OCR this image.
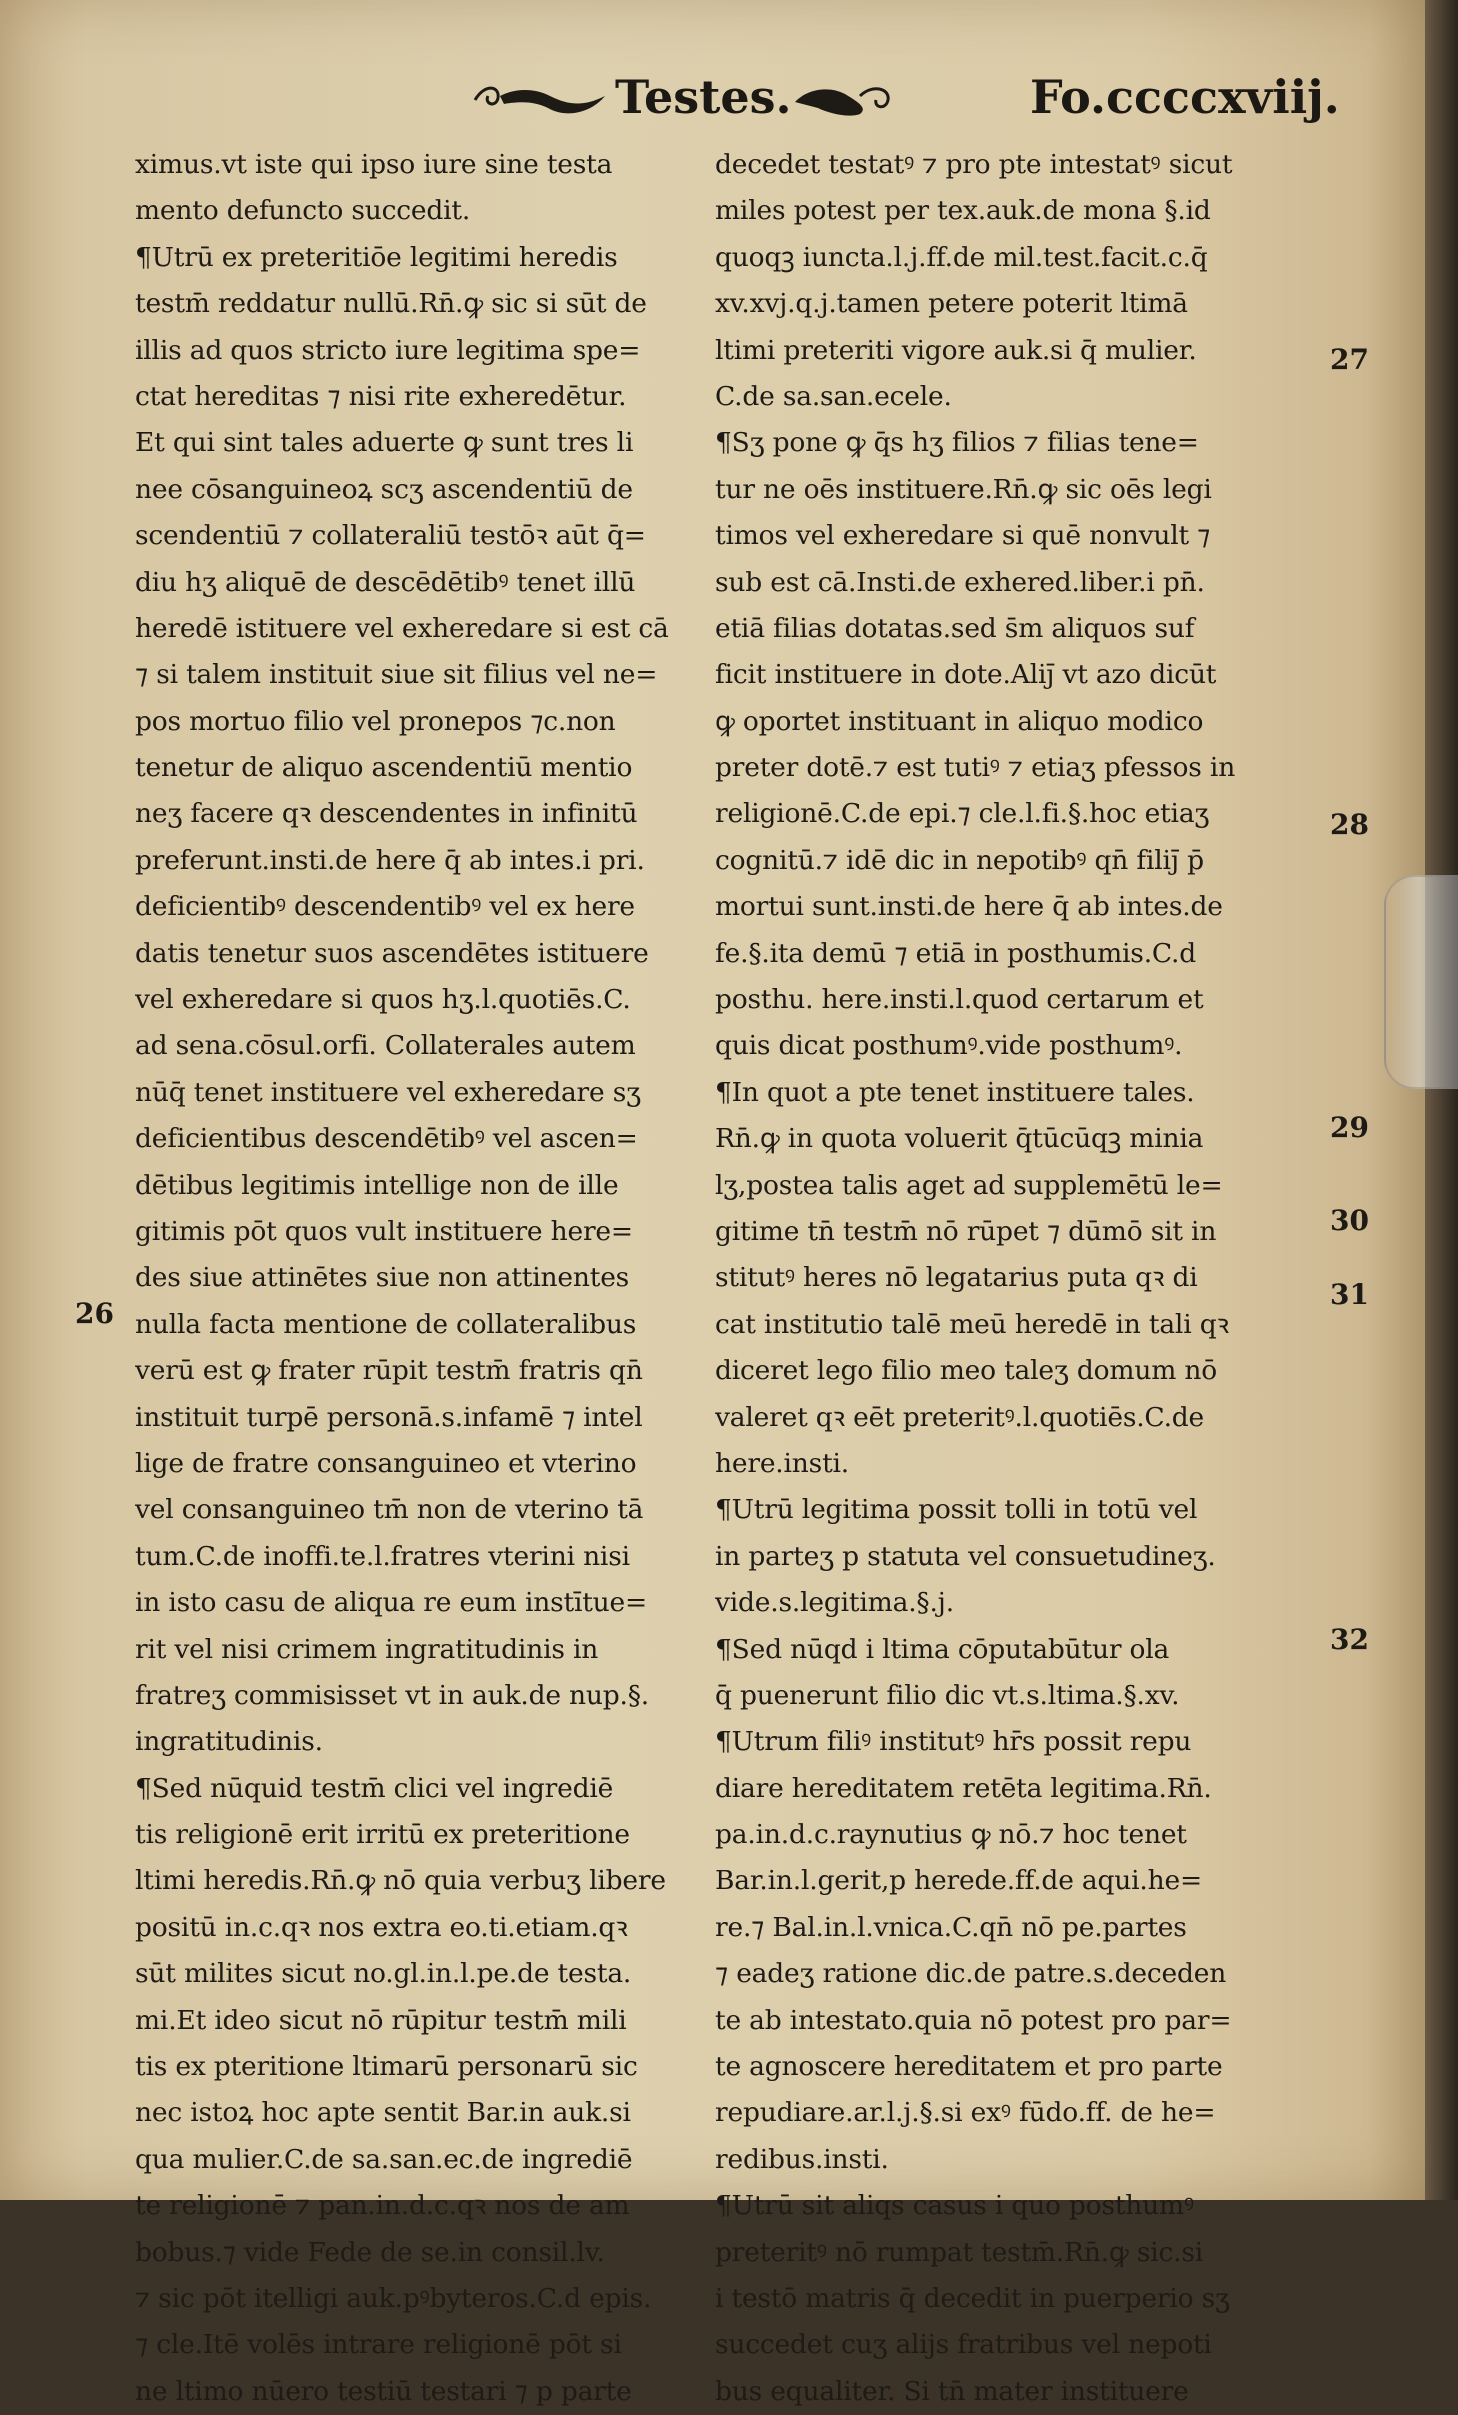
Testes.	Fo.ccccxviij.
ximus.vt iste qui ipso iure sine testa
mento defuncto succedit.
¶Utrū ex preteritiōe legitimi heredis
testm̄ reddatur nullū.Rn̄.ꝙ sic si sūt de
illis ad quos stricto iure legitima spe=
ctat hereditas ⁊ nisi rite exheredētur.
Et qui sint tales aduerte ꝙ sunt tres li
nee cōsanguineoꝝ scʒ ascendentiū de
scendentiū ⁊ collateraliū testōꝛ aūt q̄=
diu hʒ aliquē de descēdētibꝰ tenet illū
heredē istituere vel exheredare si est cā
⁊ si talem instituit siue sit filius vel ne=
pos mortuo filio vel pronepos ⁊c.non
tenetur de aliquo ascendentiū mentio
neʒ facere qꝛ descendentes in infinitū
preferunt.insti.de here q̄ ab intes.i pri.
deficientibꝰ descendentibꝰ vel ex here
datis tenetur suos ascendētes istituere
vel exheredare si quos hʒ.l.quotiēs.C.
ad sena.cōsul.orfi. Collaterales autem
nūq̄ tenet instituere vel exheredare sʒ
deficientibus descendētibꝰ vel ascen=
dētibus legitimis intellige non de ille
gitimis pōt quos vult instituere here=
des siue attinētes siue non attinentes
nulla facta mentione de collateralibus
verū est ꝙ frater rūpit testm̄ fratris qn̄
instituit turpē personā.s.infamē ⁊ intel
lige de fratre consanguineo et vterino
vel consanguineo tm̄ non de vterino tā
tum.C.de inoffi.te.l.fratres vterini nisi
in isto casu de aliqua re eum instītue=
rit vel nisi crimem ingratitudinis in
fratreʒ commisisset vt in auk.de nup.§.
ingratitudinis.
¶Sed nūquid testm̄ clici vel ingrediē
tis religionē erit irritū ex preteritione
ltimi heredis.Rn̄.ꝙ nō quia verbuʒ libere
positū in.c.qꝛ nos extra eo.ti.etiam.qꝛ
sūt milites sicut no.gl.in.l.pe.de testa.
mi.Et ideo sicut nō rūpitur testm̄ mili
tis ex pteritione ltimarū personarū sic
nec istoꝝ hoc apte sentit Bar.in auk.si
qua mulier.C.de sa.san.ec.de ingrediē
te religionē ⁊ pan.in.d.c.qꝛ nos de am
bobus.⁊ vide Fede de se.in consil.lv.
⁊ sic pōt itelligi auk.pꝰbyteros.C.d epis.
⁊ cle.Itē volēs intrare religionē pōt si
ne ltimo nūero testiū testari ⁊ p parte
decedet testatꝰ ⁊ pro pte intestatꝰ sicut
miles potest per tex.auk.de mona §.id
quoqꝫ iuncta.l.j.ff.de mil.test.facit.c.q̄
xv.xvj.q.j.tamen petere poterit ltimā
ltimi preteriti vigore auk.si q̄ mulier.
C.de sa.san.ecele.
¶Sʒ pone ꝙ q̄s hʒ filios ⁊ filias tene=
tur ne oēs instituere.Rn̄.ꝙ sic oēs legi
timos vel exheredare si quē nonvult ⁊
sub est cā.Insti.de exhered.liber.i pn̄.
etiā filias dotatas.sed s̄m aliquos suf
ficit instituere in dote.Aliȷ̄ vt azo dicūt
ꝙ oportet instituant in aliquo modico
preter dotē.⁊ est tutiꝰ ⁊ etiaʒ pfessos in
religionē.C.de epi.⁊ cle.l.fi.§.hoc etiaʒ
cognitū.⁊ idē dic in nepotibꝰ qn̄ filiȷ̄ p̄
mortui sunt.insti.de here q̄ ab intes.de
fe.§.ita demū ⁊ etiā in posthumis.C.d
posthu. here.insti.l.quod certarum et
quis dicat posthumꝰ.vide posthumꝰ.
¶In quot a pte tenet instituere tales.
Rn̄.ꝙ in quota voluerit q̄tūcūqꝫ minia
lʒ,postea talis aget ad supplemētū le=
gitime tn̄ testm̄ nō rūpet ⁊ dūmō sit in
stitutꝰ heres nō legatarius puta qꝛ di
cat institutio talē meū heredē in tali qꝛ
diceret lego filio meo taleʒ domum nō
valeret qꝛ eēt preteritꝰ.l.quotiēs.C.de
here.insti.
¶Utrū legitima possit tolli in totū vel
in parteʒ p statuta vel consuetudineʒ.
vide.s.legitima.§.j.
¶Sed nūqd i ltima cōputabūtur ola
q̄ puenerunt filio dic vt.s.ltima.§.xv.
¶Utrum filiꝰ institutꝰ hr̄s possit repu
diare hereditatem retēta legitima.Rn̄.
pa.in.d.c.raynutius ꝙ nō.⁊ hoc tenet
Bar.in.l.gerit,p herede.ff.de aqui.he=
re.⁊ Bal.in.l.vnica.C.qn̄ nō pe.partes
⁊ eadeʒ ratione dic.de patre.s.deceden
te ab intestato.quia nō potest pro par=
te agnoscere hereditatem et pro parte
repudiare.ar.l.j.§.si exꝰ fūdo.ff. de he=
redibus.insti.
¶Utrū sit aliqs casus i quo posthumꝰ
preteritꝰ nō rumpat testm̄.Rn̄.ꝙ sic.si
i testō matris q̄ decedit in puerperio sʒ
succedet cuʒ alijs fratribus vel nepoti
bus equaliter. Si tn̄ mater instituere
26
27
28
29
30
31
32
